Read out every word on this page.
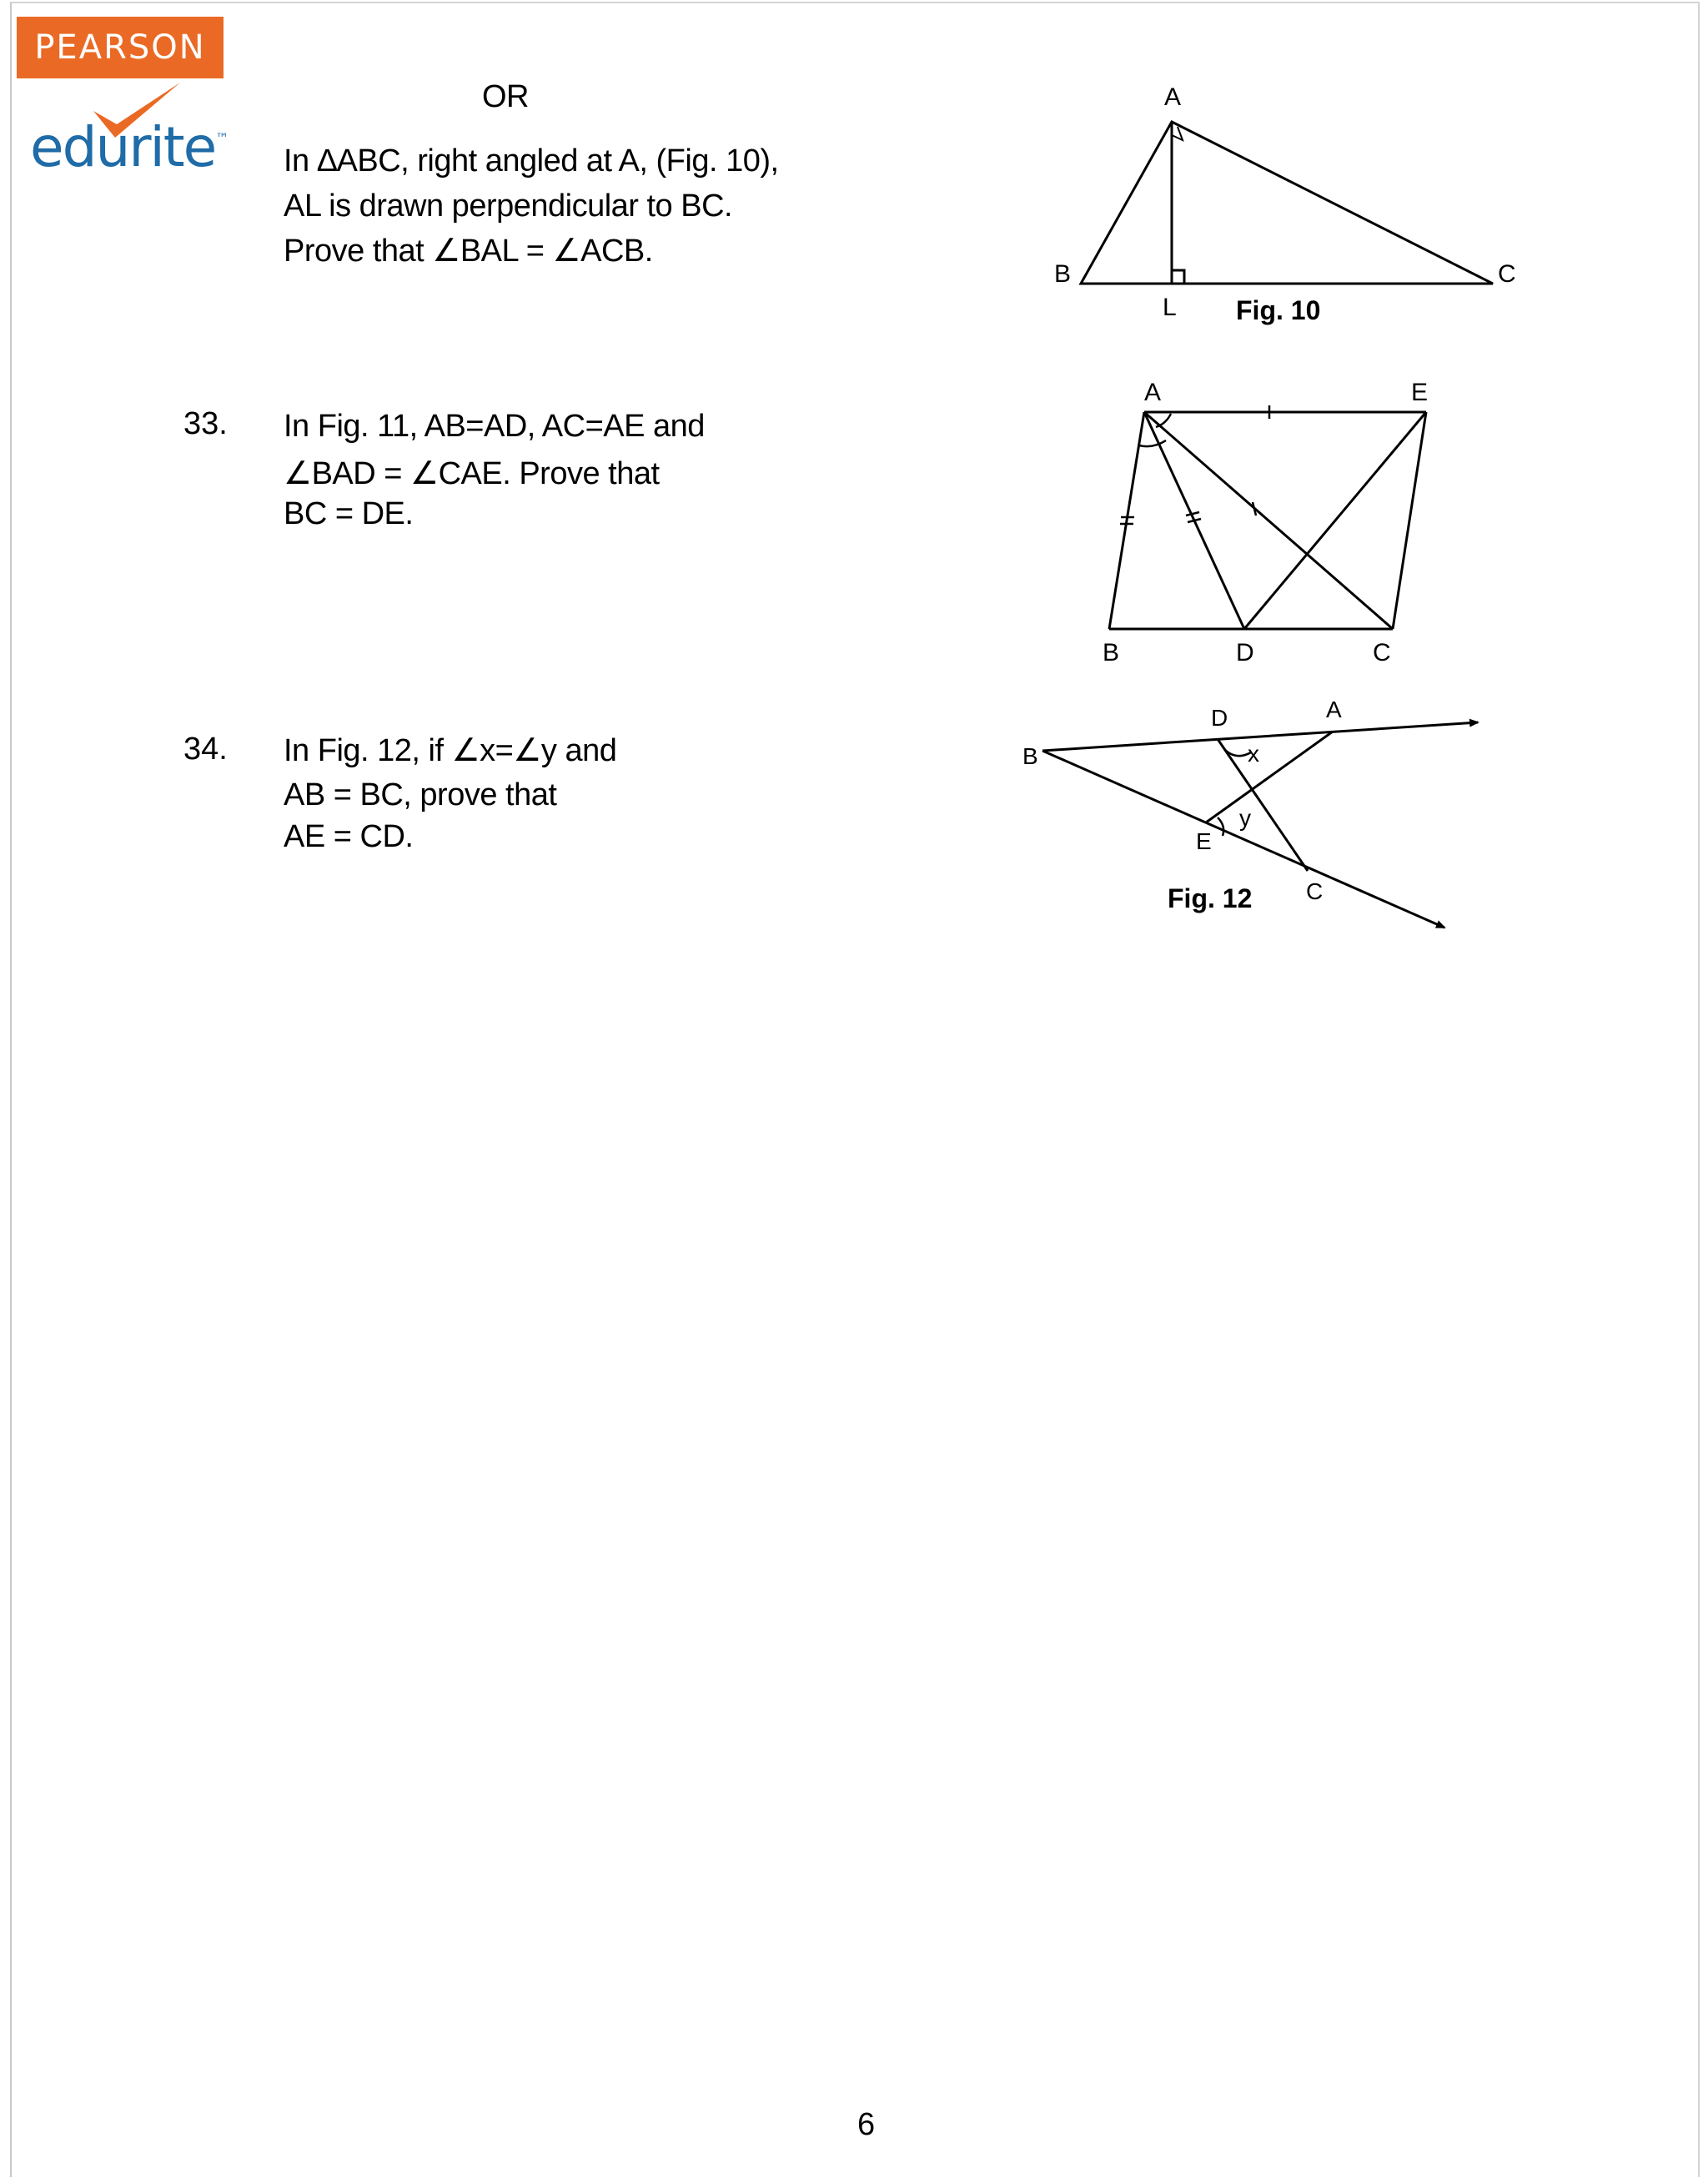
PEARSON
edurite™
OR
In ∆ABC, right angled at A, (Fig. 10),
AL is drawn perpendicular to BC.
Prove that ∠BAL = ∠ACB.
A
B	C
L Fig. 10
33. In Fig. 11, AB=AD, AC=AE and
∠BAD = ∠CAE. Prove that
BC = DE.
A	E
B	D	C
34. In Fig. 12, if ∠x=∠y and
AB = BC, prove that
AE = CD.
D	A
B	x
y
E
C
Fig. 12
6
